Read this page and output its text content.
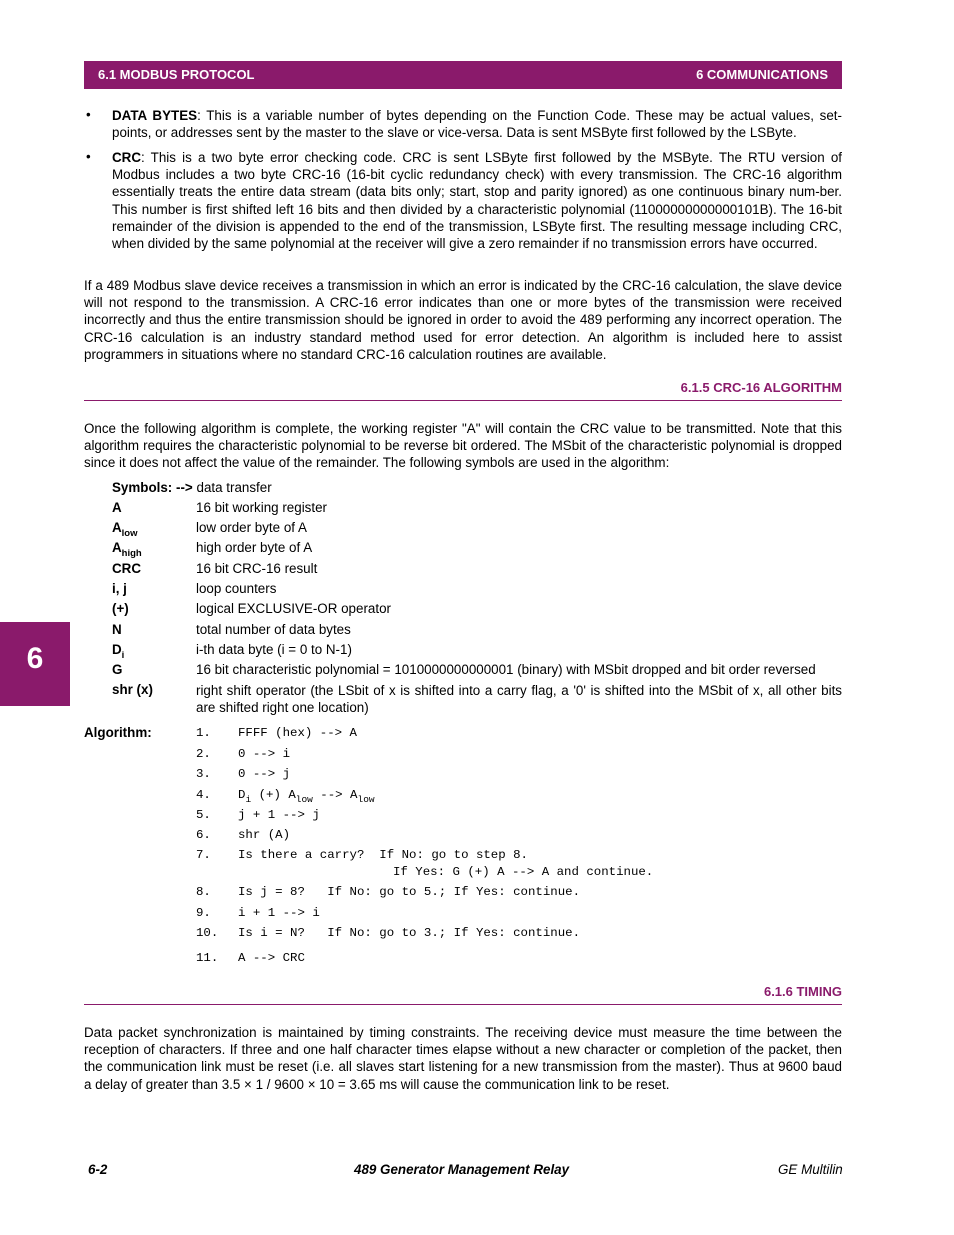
6.1 MODBUS PROTOCOL	6 COMMUNICATIONS
6
• DATA BYTES: This is a variable number of bytes depending on the Function Code. These may be actual values, set-points, or addresses sent by the master to the slave or vice-versa. Data is sent MSByte first followed by the LSByte.
• CRC: This is a two byte error checking code. CRC is sent LSByte first followed by the MSByte. The RTU version of Modbus includes a two byte CRC-16 (16-bit cyclic redundancy check) with every transmission. The CRC-16 algorithm essentially treats the entire data stream (data bits only; start, stop and parity ignored) as one continuous binary num-ber. This number is first shifted left 16 bits and then divided by a characteristic polynomial (11000000000000101B). The 16-bit remainder of the division is appended to the end of the transmission, LSByte first. The resulting message including CRC, when divided by the same polynomial at the receiver will give a zero remainder if no transmission errors have occurred.
If a 489 Modbus slave device receives a transmission in which an error is indicated by the CRC-16 calculation, the slave device will not respond to the transmission. A CRC-16 error indicates than one or more bytes of the transmission were received incorrectly and thus the entire transmission should be ignored in order to avoid the 489 performing any incorrect operation. The CRC-16 calculation is an industry standard method used for error detection. An algorithm is included here to assist programmers in situations where no standard CRC-16 calculation routines are available.
6.1.5 CRC-16 ALGORITHM
Once the following algorithm is complete, the working register "A" will contain the CRC value to be transmitted. Note that this algorithm requires the characteristic polynomial to be reverse bit ordered. The MSbit of the characteristic polynomial is dropped since it does not affect the value of the remainder. The following symbols are used in the algorithm:
Symbols: --> data transfer
A	16 bit working register
$A_{low}$	low order byte of A
$A_{high}$	high order byte of A
CRC	16 bit CRC-16 result
i, j	loop counters
(+)	logical EXCLUSIVE-OR operator
N	total number of data bytes
$D_i$	i-th data byte (i = 0 to N-1)
G	16 bit characteristic polynomial = 1010000000000001 (binary) with MSbit dropped and bit order reversed
shr (x)	right shift operator (the LSbit of x is shifted into a carry flag, a '0' is shifted into the MSbit of x, all other bits are shifted right one location)
Algorithm:	1. FFFF (hex) --> A
2. 0 --> i
3. 0 --> j
4. $D_i$ (+) $A_{low}$ --> $A_{low}$
5. j + 1 --> j
6. shr (A)
7. Is there a carry?  If No: go to step 8.
If Yes: G (+) A --> A and continue.
8. Is j = 8?   If No: go to 5.; If Yes: continue.
9. i + 1 --> i
10. Is i = N?   If No: go to 3.; If Yes: continue.
11. A --> CRC
6.1.6 TIMING
Data packet synchronization is maintained by timing constraints. The receiving device must measure the time between the reception of characters. If three and one half character times elapse without a new character or completion of the packet, then the communication link must be reset (i.e. all slaves start listening for a new transmission from the master). Thus at 9600 baud a delay of greater than 3.5 × 1 / 9600 × 10 = 3.65 ms will cause the communication link to be reset.
6-2	489 Generator Management Relay	GE Multilin
